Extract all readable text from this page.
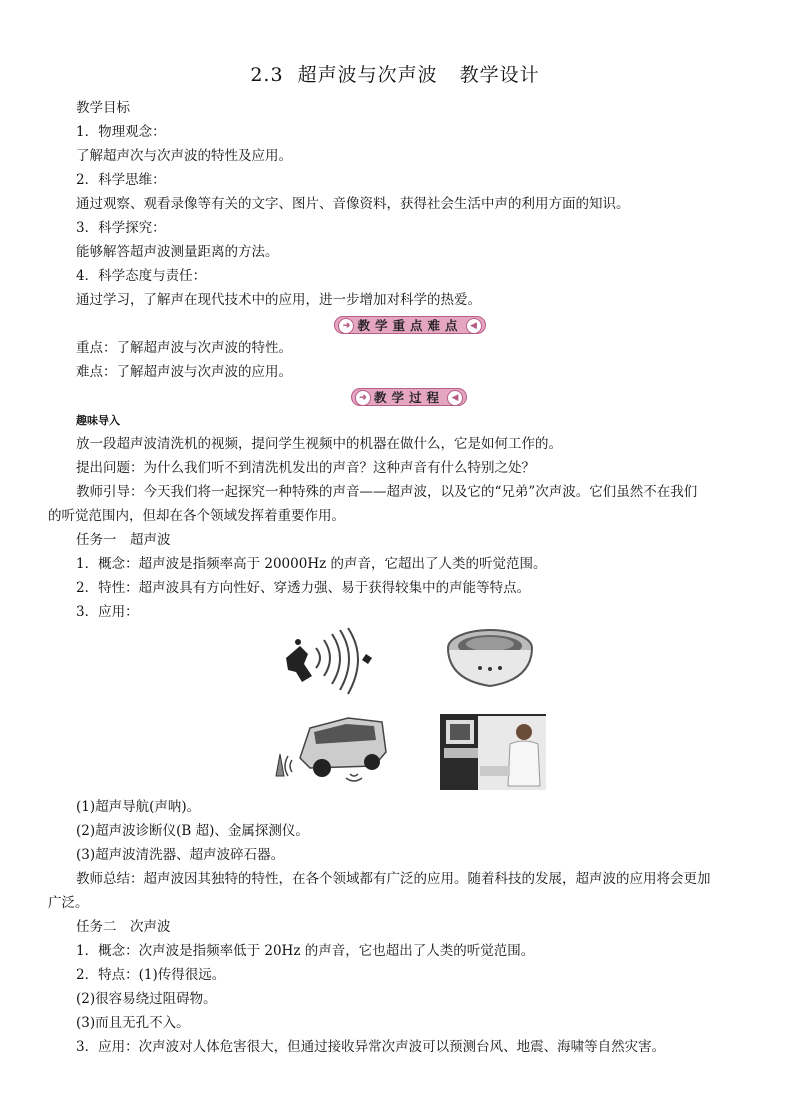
2.3 超声波与次声波 教学设计
教学目标
1．物理观念：
了解超声次与次声波的特性及应用。
2．科学思维：
通过观察、观看录像等有关的文字、图片、音像资料，获得社会生活中声的利用方面的知识。
3．科学探究：
能够解答超声波测量距离的方法。
4．科学态度与责任：
通过学习，了解声在现代技术中的应用，进一步增加对科学的热爱。
➜ 教学重点难点 ◀
重点：了解超声波与次声波的特性。
难点：了解超声波与次声波的应用。
➜ 教学过程 ◀
趣味导入
放一段超声波清洗机的视频，提问学生视频中的机器在做什么，它是如何工作的。
提出问题：为什么我们听不到清洗机发出的声音？这种声音有什么特别之处？
教师引导：今天我们将一起探究一种特殊的声音——超声波，以及它的“兄弟”次声波。它们虽然不在我们
的听觉范围内，但却在各个领域发挥着重要作用。
任务一　超声波
1．概念：超声波是指频率高于 20000Hz 的声音，它超出了人类的听觉范围。
2．特性：超声波具有方向性好、穿透力强、易于获得较集中的声能等特点。
3．应用：
(1)超声导航(声呐)。
(2)超声波诊断仪(B 超)、金属探测仪。
(3)超声波清洗器、超声波碎石器。
教师总结：超声波因其独特的特性，在各个领域都有广泛的应用。随着科技的发展，超声波的应用将会更加
广泛。
任务二　次声波
1．概念：次声波是指频率低于 20Hz 的声音，它也超出了人类的听觉范围。
2．特点：(1)传得很远。
(2)很容易绕过阻碍物。
(3)而且无孔不入。
3．应用：次声波对人体危害很大，但通过接收异常次声波可以预测台风、地震、海啸等自然灾害。
